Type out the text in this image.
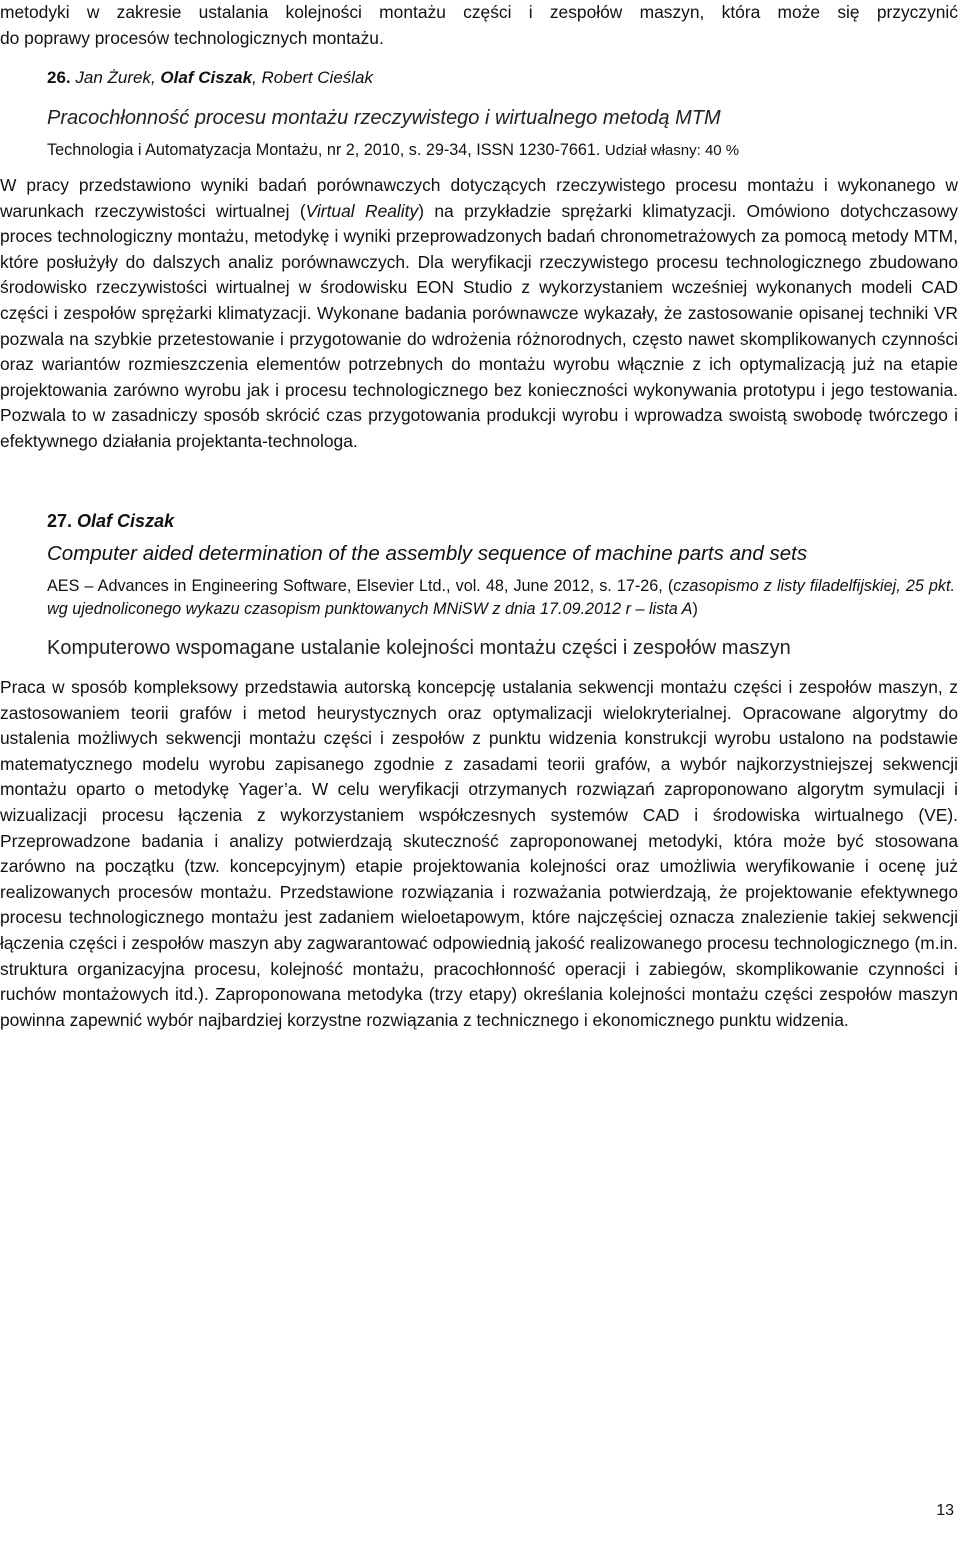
metodyki w zakresie ustalania kolejności montażu części i zespołów maszyn, która może się przyczynić
do poprawy procesów technologicznych montażu.
26. Jan Żurek, Olaf Ciszak, Robert Cieślak
Pracochłonność procesu montażu rzeczywistego i wirtualnego metodą MTM
Technologia i Automatyzacja Montażu, nr 2, 2010, s. 29-34, ISSN 1230-7661. Udział własny: 40 %
W pracy przedstawiono wyniki badań porównawczych dotyczących rzeczywistego procesu montażu i wykonanego w warunkach rzeczywistości wirtualnej (Virtual Reality) na przykładzie sprężarki klimatyzacji. Omówiono dotychczasowy proces technologiczny montażu, metodykę i wyniki przeprowadzonych badań chronometrażowych za pomocą metody MTM, które posłużyły do dalszych analiz porównawczych. Dla weryfikacji rzeczywistego procesu technologicznego zbudowano środowisko rzeczywistości wirtualnej w środowisku EON Studio z wykorzystaniem wcześniej wykonanych modeli CAD części i zespołów sprężarki klimatyzacji. Wykonane badania porównawcze wykazały, że zastosowanie opisanej techniki VR pozwala na szybkie przetestowanie i przygotowanie do wdrożenia różnorodnych, często nawet skomplikowanych czynności oraz wariantów rozmieszczenia elementów potrzebnych do montażu wyrobu włącznie z ich optymalizacją już na etapie projektowania zarówno wyrobu jak i procesu technologicznego bez konieczności wykonywania prototypu i jego testowania. Pozwala to w zasadniczy sposób skrócić czas przygotowania produkcji wyrobu i wprowadza swoistą swobodę twórczego i efektywnego działania projektanta-technologa.
27. Olaf Ciszak
Computer aided determination of the assembly sequence of machine parts and sets
AES – Advances in Engineering Software, Elsevier Ltd., vol. 48, June 2012, s. 17-26, (czasopismo z listy filadelfijskiej, 25 pkt. wg ujednoliconego wykazu czasopism punktowanych MNiSW z dnia 17.09.2012 r – lista A)
Komputerowo wspomagane ustalanie kolejności montażu części i zespołów maszyn
Praca w sposób kompleksowy przedstawia autorską koncepcję ustalania sekwencji montażu części i zespołów maszyn, z zastosowaniem teorii grafów i metod heurystycznych oraz optymalizacji wielokryterialnej. Opracowane algorytmy do ustalenia możliwych sekwencji montażu części i zespołów z punktu widzenia konstrukcji wyrobu ustalono na podstawie matematycznego modelu wyrobu zapisanego zgodnie z zasadami teorii grafów, a wybór najkorzystniejszej sekwencji montażu oparto o metodykę Yager’a. W celu weryfikacji otrzymanych rozwiązań zaproponowano algorytm symulacji i wizualizacji procesu łączenia z wykorzystaniem współczesnych systemów CAD i środowiska wirtualnego (VE). Przeprowadzone badania i analizy potwierdzają skuteczność zaproponowanej metodyki, która może być stosowana zarówno na początku (tzw. koncepcyjnym) etapie projektowania kolejności oraz umożliwia weryfikowanie i ocenę już realizowanych procesów montażu. Przedstawione rozwiązania i rozważania potwierdzają, że projektowanie efektywnego procesu technologicznego montażu jest zadaniem wieloetapowym, które najczęściej oznacza znalezienie takiej sekwencji łączenia części i zespołów maszyn aby zagwarantować odpowiednią jakość realizowanego procesu technologicznego (m.in. struktura organizacyjna procesu, kolejność montażu, pracochłonność operacji i zabiegów, skomplikowanie czynności i ruchów montażowych itd.). Zaproponowana metodyka (trzy etapy) określania kolejności montażu części zespołów maszyn powinna zapewnić wybór najbardziej korzystne rozwiązania z technicznego i ekonomicznego punktu widzenia.
13
